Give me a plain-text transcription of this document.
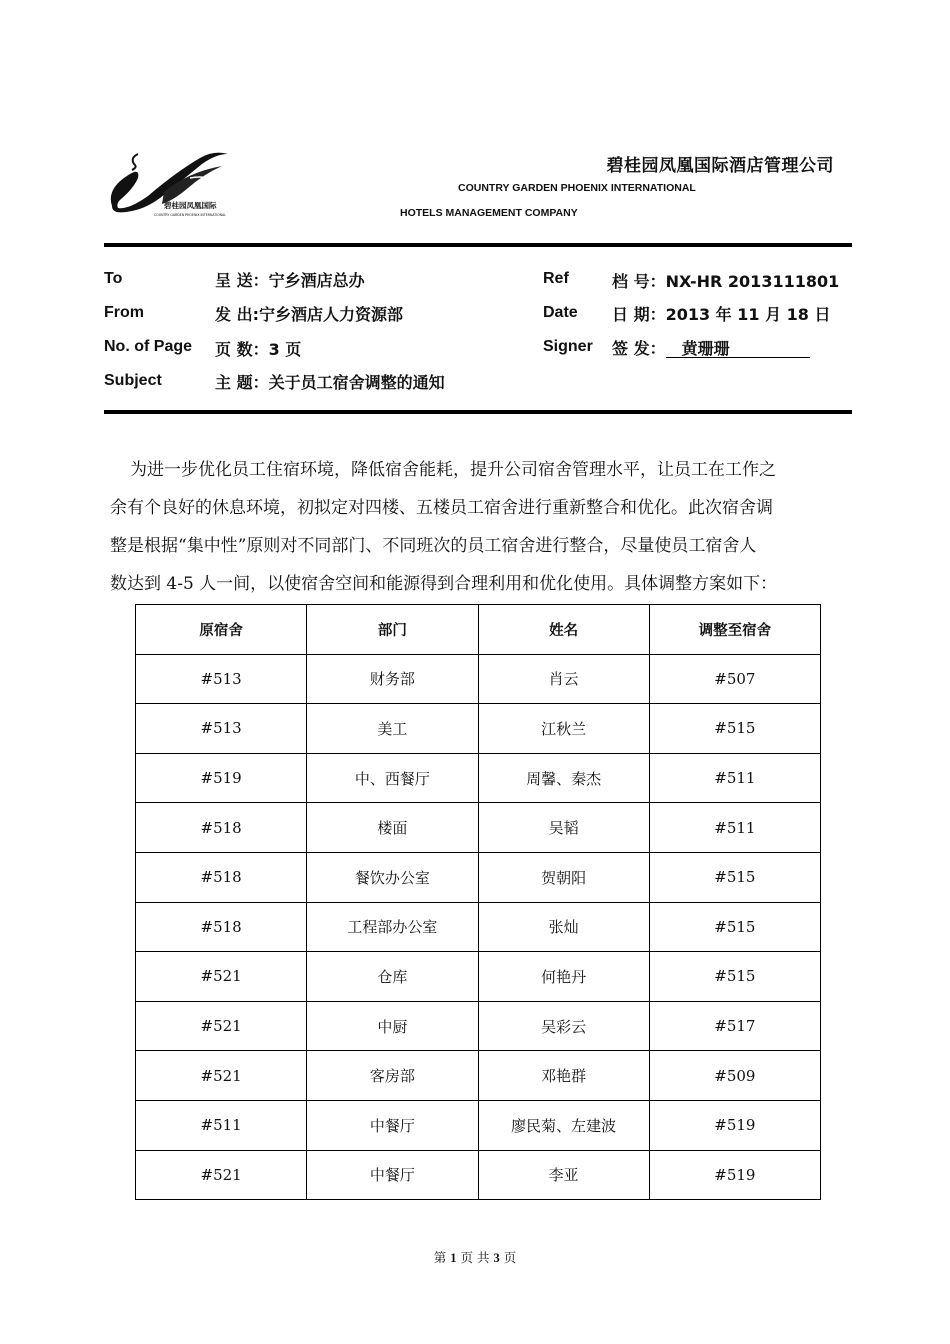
碧桂园凤凰国际
COUNTRY GARDEN PHOENIX INTERNATIONAL
碧桂园凤凰国际酒店管理公司
COUNTRY GARDEN PHOENIX INTERNATIONAL
HOTELS MANAGEMENT COMPANY
To	呈 送：宁乡酒店总办
From	发 出:宁乡酒店人力资源部
No. of Page 页 数：3 页
Subject	主 题：关于员工宿舍调整的通知
Ref	档 号：NX-HR 2013111801
Date 日 期：2013 年 11 月 18 日
Signer 签 发： 黄珊珊
为进一步优化员工住宿环境，降低宿舍能耗，提升公司宿舍管理水平，让员工在工作之
余有个良好的休息环境，初拟定对四楼、五楼员工宿舍进行重新整合和优化。此次宿舍调
整是根据“集中性”原则对不同部门、不同班次的员工宿舍进行整合，尽量使员工宿舍人
数达到 4-5 人一间，以使宿舍空间和能源得到合理利用和优化使用。具体调整方案如下：
原宿舍	部门	姓名	调整至宿舍
#513	财务部	肖云	#507
#513	美工	江秋兰	#515
#519	中、西餐厅	周馨、秦杰	#511
#518	楼面	吴韬	#511
#518	餐饮办公室	贺朝阳	#515
#518	工程部办公室	张灿	#515
#521	仓库	何艳丹	#515
#521	中厨	吴彩云	#517
#521	客房部	邓艳群	#509
#511	中餐厅	廖民菊、左建波	#519
#521	中餐厅	李亚	#519
第 1 页 共 3 页
